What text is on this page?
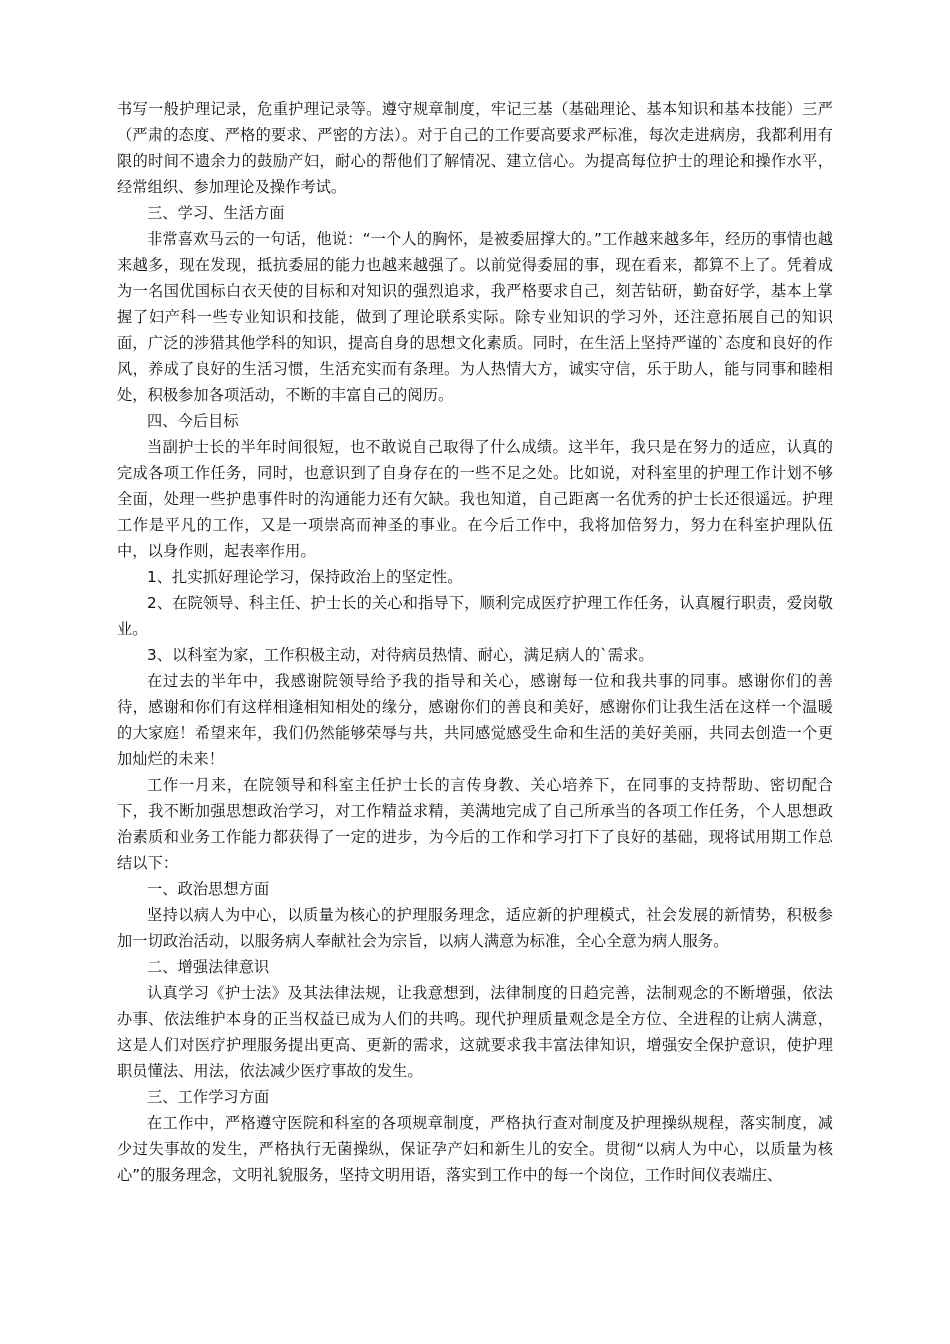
书写一般护理记录，危重护理记录等。遵守规章制度，牢记三基（基础理论、基本知识和基本技能）三严（严肃的态度、严格的要求、严密的方法）。对于自己的工作要高要求严标准，每次走进病房，我都利用有限的时间不遗余力的鼓励产妇，耐心的帮他们了解情况、建立信心。为提高每位护士的理论和操作水平，经常组织、参加理论及操作考试。

三、学习、生活方面

非常喜欢马云的一句话，他说：“一个人的胸怀，是被委屈撑大的。”工作越来越多年，经历的事情也越来越多，现在发现，抵抗委屈的能力也越来越强了。以前觉得委屈的事，现在看来，都算不上了。凭着成为一名国优国标白衣天使的目标和对知识的强烈追求，我严格要求自己，刻苦钻研，勤奋好学，基本上掌握了妇产科一些专业知识和技能，做到了理论联系实际。除专业知识的学习外，还注意拓展自己的知识面，广泛的涉猎其他学科的知识，提高自身的思想文化素质。同时，在生活上坚持严谨的`态度和良好的作风，养成了良好的生活习惯，生活充实而有条理。为人热情大方，诚实守信，乐于助人，能与同事和睦相处，积极参加各项活动，不断的丰富自己的阅历。

四、今后目标

当副护士长的半年时间很短，也不敢说自己取得了什么成绩。这半年，我只是在努力的适应，认真的完成各项工作任务，同时，也意识到了自身存在的一些不足之处。比如说，对科室里的护理工作计划不够全面，处理一些护患事件时的沟通能力还有欠缺。我也知道，自己距离一名优秀的护士长还很遥远。护理工作是平凡的工作，又是一项崇高而神圣的事业。在今后工作中，我将加倍努力，努力在科室护理队伍中，以身作则，起表率作用。

1、扎实抓好理论学习，保持政治上的坚定性。

2、在院领导、科主任、护士长的关心和指导下，顺利完成医疗护理工作任务，认真履行职责，爱岗敬业。

3、以科室为家，工作积极主动，对待病员热情、耐心，满足病人的`需求。

在过去的半年中，我感谢院领导给予我的指导和关心，感谢每一位和我共事的同事。感谢你们的善待，感谢和你们有这样相逢相知相处的缘分，感谢你们的善良和美好，感谢你们让我生活在这样一个温暖的大家庭！希望来年，我们仍然能够荣辱与共，共同感觉感受生命和生活的美好美丽，共同去创造一个更加灿烂的未来！

工作一月来，在院领导和科室主任护士长的言传身教、关心培养下，在同事的支持帮助、密切配合下，我不断加强思想政治学习，对工作精益求精，美满地完成了自己所承当的各项工作任务，个人思想政治素质和业务工作能力都获得了一定的进步，为今后的工作和学习打下了良好的基础，现将试用期工作总结以下：

一、政治思想方面

坚持以病人为中心，以质量为核心的护理服务理念，适应新的护理模式，社会发展的新情势，积极参加一切政治活动，以服务病人奉献社会为宗旨，以病人满意为标准，全心全意为病人服务。

二、增强法律意识

认真学习《护士法》及其法律法规，让我意想到，法律制度的日趋完善，法制观念的不断增强，依法办事、依法维护本身的正当权益已成为人们的共鸣。现代护理质量观念是全方位、全进程的让病人满意，这是人们对医疗护理服务提出更高、更新的需求，这就要求我丰富法律知识，增强安全保护意识，使护理职员懂法、用法，依法减少医疗事故的发生。

三、工作学习方面

在工作中，严格遵守医院和科室的各项规章制度，严格执行查对制度及护理操纵规程，落实制度，减少过失事故的发生，严格执行无菌操纵，保证孕产妇和新生儿的安全。贯彻“以病人为中心，以质量为核心”的服务理念，文明礼貌服务，坚持文明用语，落实到工作中的每一个岗位，工作时间仪表端庄、
